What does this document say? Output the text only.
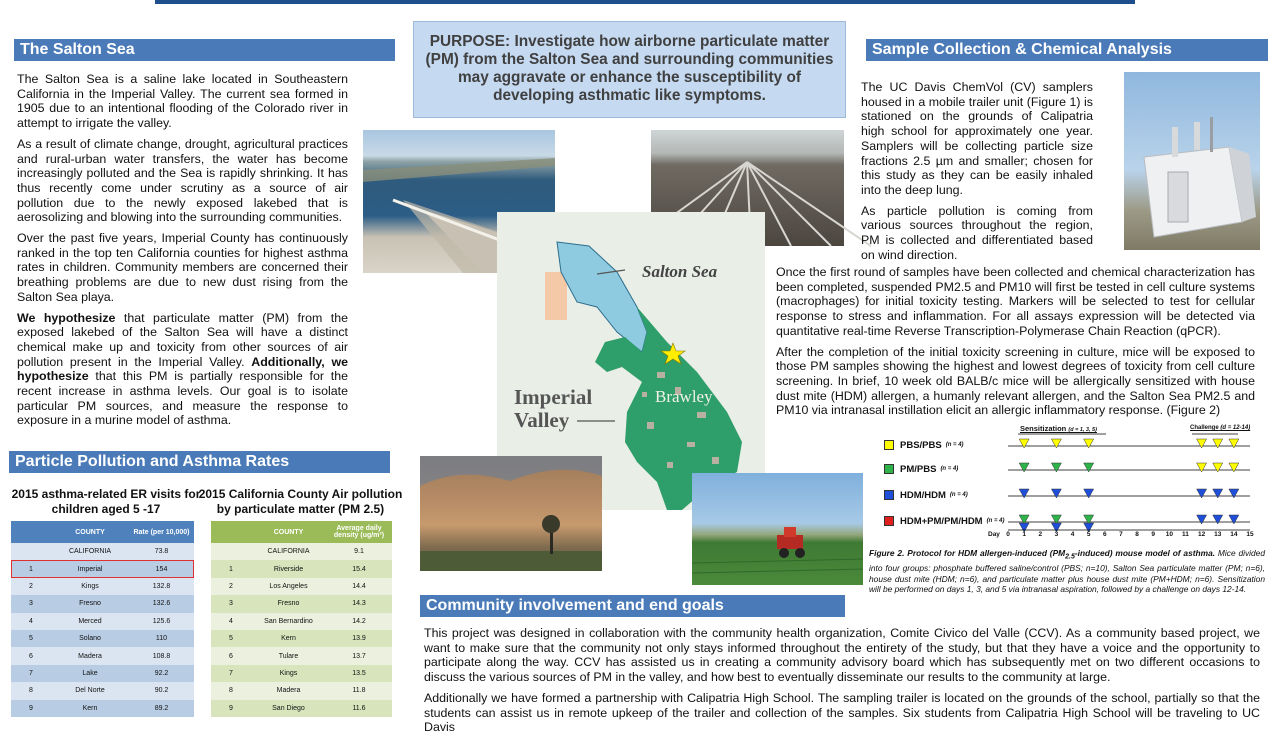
The Salton Sea

The Salton Sea is a saline lake located in Southeastern California in the Imperial Valley. The current sea formed in 1905 due to an intentional flooding of the Colorado river in attempt to irrigate the valley.

As a result of climate change, drought, agricultural practices and rural-urban water transfers, the water has become increasingly polluted and the Sea is rapidly shrinking. It has thus recently come under scrutiny as a source of air pollution due to the newly exposed lakebed that is aerosolizing and blowing into the surrounding communities.

Over the past five years, Imperial County has continuously ranked in the top ten California counties for highest asthma rates in children. Community members are concerned their breathing problems are due to new dust rising from the Salton Sea playa.

We hypothesize that particulate matter (PM) from the exposed lakebed of the Salton Sea will have a distinct chemical make up and toxicity from other sources of air pollution present in the Imperial Valley. Additionally, we hypothesize that this PM is partially responsible for the recent increase in asthma levels. Our goal is to isolate particular PM sources, and measure the response to exposure in a murine model of asthma.

PURPOSE: Investigate how airborne particulate matter (PM) from the Salton Sea and surrounding communities may aggravate or enhance the susceptibility of developing asthmatic like symptoms.
Salton Sea
Imperial
Valley
Brawley
Sample Collection & Chemical Analysis

The UC Davis ChemVol (CV) samplers housed in a mobile trailer unit (Figure 1) is stationed on the grounds of Calipatria high school for approximately one year. Samplers will be collecting particle size fractions 2.5 µm and smaller; chosen for this study as they can be easily inhaled into the deep lung.

As particle pollution is coming from various sources throughout the region, PM is collected and differentiated based on wind direction.

Once the first round of samples have been collected and chemical characterization has been completed, suspended PM2.5 and PM10 will first be tested in cell culture systems (macrophages) for initial toxicity testing. Markers will be selected to test for cellular response to stress and inflammation. For all assays expression will be detected via quantitative real-time Reverse Transcription-Polymerase Chain Reaction (qPCR).

After the completion of the initial toxicity screening in culture, mice will be exposed to those PM samples showing the highest and lowest degrees of toxicity from cell culture screening. In brief, 10 week old BALB/c mice will be allergically sensitized with house dust mite (HDM) allergen, a humanly relevant allergen, and the Salton Sea PM2.5 and PM10 via intranasal instillation elicit an allergic inflammatory response. (Figure 2)

Sensitization (d = 1, 3, 5)	Challenge (d = 12-14)
PBS/PBS (n = 4)
PM/PBS (n = 4)
HDM/HDM (n = 4)
HDM+PM/PM/HDM (n = 4)
Day 0	1	2	3	4	5	6	7	8	9	10 11 12 13 14 15
Figure 2. Protocol for HDM allergen-induced $(PM_{2.5}-induced)$ mouse model of asthma. Mice divided into four groups: phosphate buffered saline/control (PBS; n=10), Salton Sea particulate matter (PM; n=6), house dust mite (HDM; n=6), and particulate matter plus house dust mite (PM+HDM; n=6). Sensitization will be performed on days 1, 3, and 5 via intranasal aspiration, followed by a challenge on days 12-14.
Particle Pollution and Asthma Rates
2015 asthma-related ER visits for children aged 5 -17
2015 California County Air pollution by particulate matter (PM 2.5)
COUNTY	Rate (per 10,000)
CALIFORNIA	73.8
1	Imperial	154
2	Kings	132.8
3	Fresno	132.6
4	Merced	125.6
5	Solano	110
6	Madera	108.8
7	Lake	92.2
8	Del Norte	90.2
9	Kern	89.2
COUNTY	Average daily density (ug/m³)
CALIFORNIA	9.1
1	Riverside	15.4
2	Los Angeles	14.4
3	Fresno	14.3
4	San Bernardino	14.2
5	Kern	13.9
6	Tulare	13.7
7	Kings	13.5
8	Madera	11.8
9	San Diego	11.6
Community involvement and end goals

This project was designed in collaboration with the community health organization, Comite Civico del Valle (CCV). As a community based project, we want to make sure that the community not only stays informed throughout the entirety of the study, but that they have a voice and the opportunity to participate along the way. CCV has assisted us in creating a community advisory board which has subsequently met on two different occasions to discuss the various sources of PM in the valley, and how best to eventually disseminate our results to the community at large.

Additionally we have formed a partnership with Calipatria High School. The sampling trailer is located on the grounds of the school, partially so that the students can assist us in remote upkeep of the trailer and collection of the samples. Six students from Calipatria High School will be traveling to UC Davis
